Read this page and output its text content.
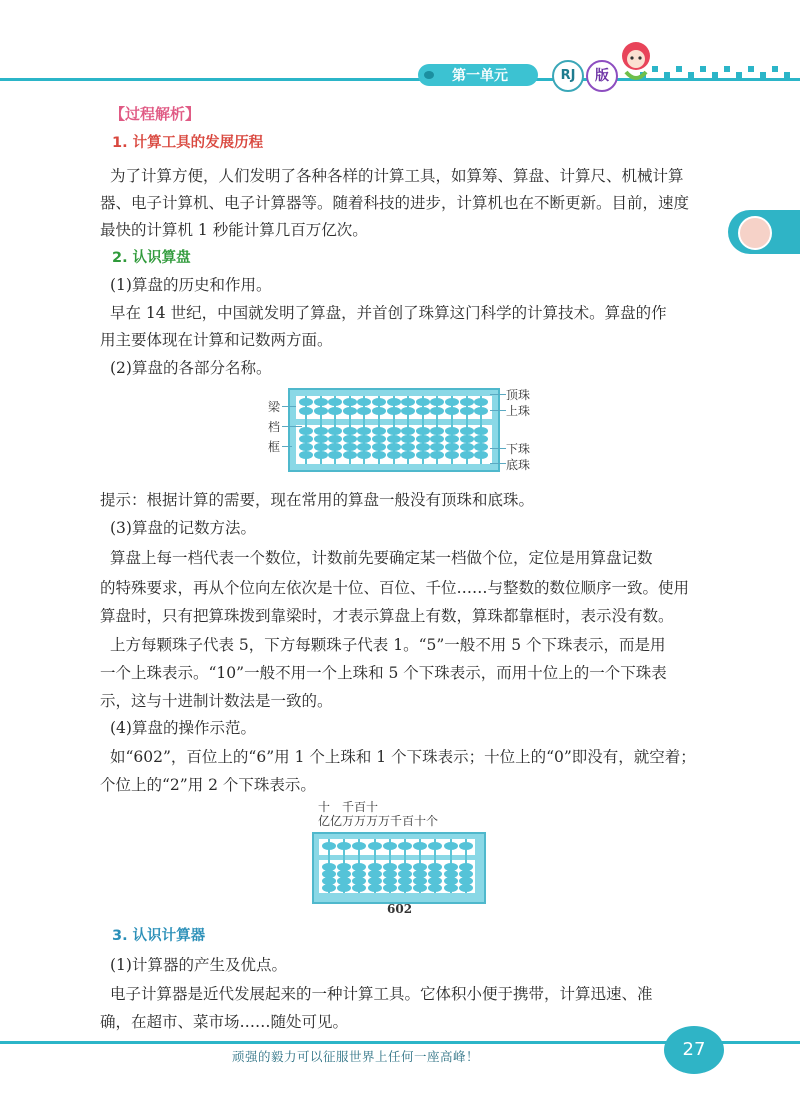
第一单元	RJ	版
【过程解析】
1. 计算工具的发展历程
为了计算方便，人们发明了各种各样的计算工具，如算筹、算盘、计算尺、机械计算
器、电子计算机、电子计算器等。随着科技的进步，计算机也在不断更新。目前，速度
最快的计算机 1 秒能计算几百万亿次。
2. 认识算盘
(1)算盘的历史和作用。
早在 14 世纪，中国就发明了算盘，并首创了珠算这门科学的计算技术。算盘的作
用主要体现在计算和记数两方面。
(2)算盘的各部分名称。
梁
档
框
顶珠
上珠
下珠
底珠
提示：根据计算的需要，现在常用的算盘一般没有顶珠和底珠。
(3)算盘的记数方法。
算盘上每一档代表一个数位，计数前先要确定某一档做个位，定位是用算盘记数
的特殊要求，再从个位向左依次是十位、百位、千位……与整数的数位顺序一致。使用
算盘时，只有把算珠拨到靠梁时，才表示算盘上有数，算珠都靠框时，表示没有数。
上方每颗珠子代表 5，下方每颗珠子代表 1。“5”一般不用 5 个下珠表示，而是用
一个上珠表示。“10”一般不用一个上珠和 5 个下珠表示，而用十位上的一个下珠表
示，这与十进制计数法是一致的。
(4)算盘的操作示范。
如“602”，百位上的“6”用 1 个上珠和 1 个下珠表示；十位上的“0”即没有，就空着；
个位上的“2”用 2 个下珠表示。
十　千百十
亿亿万万万万千百十个
602
3. 认识计算器
(1)计算器的产生及优点。
电子计算器是近代发展起来的一种计算工具。它体积小便于携带，计算迅速、准
确，在超市、菜市场……随处可见。
顽强的毅力可以征服世界上任何一座高峰！	27
